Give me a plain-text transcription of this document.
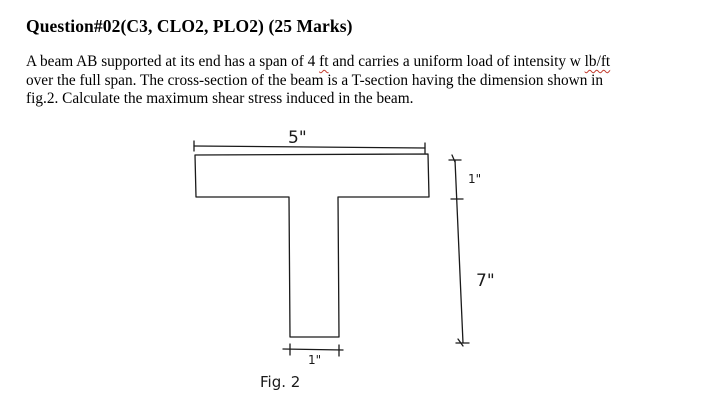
Question#02(C3, CLO2, PLO2) (25 Marks)
A beam AB supported at its end has a span of 4 ft and carries a uniform load of intensity w lb/ft
over the full span. The cross-section of the beam is a T-section having the dimension shown in
fig.2. Calculate the maximum shear stress induced in the beam.
5"
1"
7"
1"
Fig. 2
